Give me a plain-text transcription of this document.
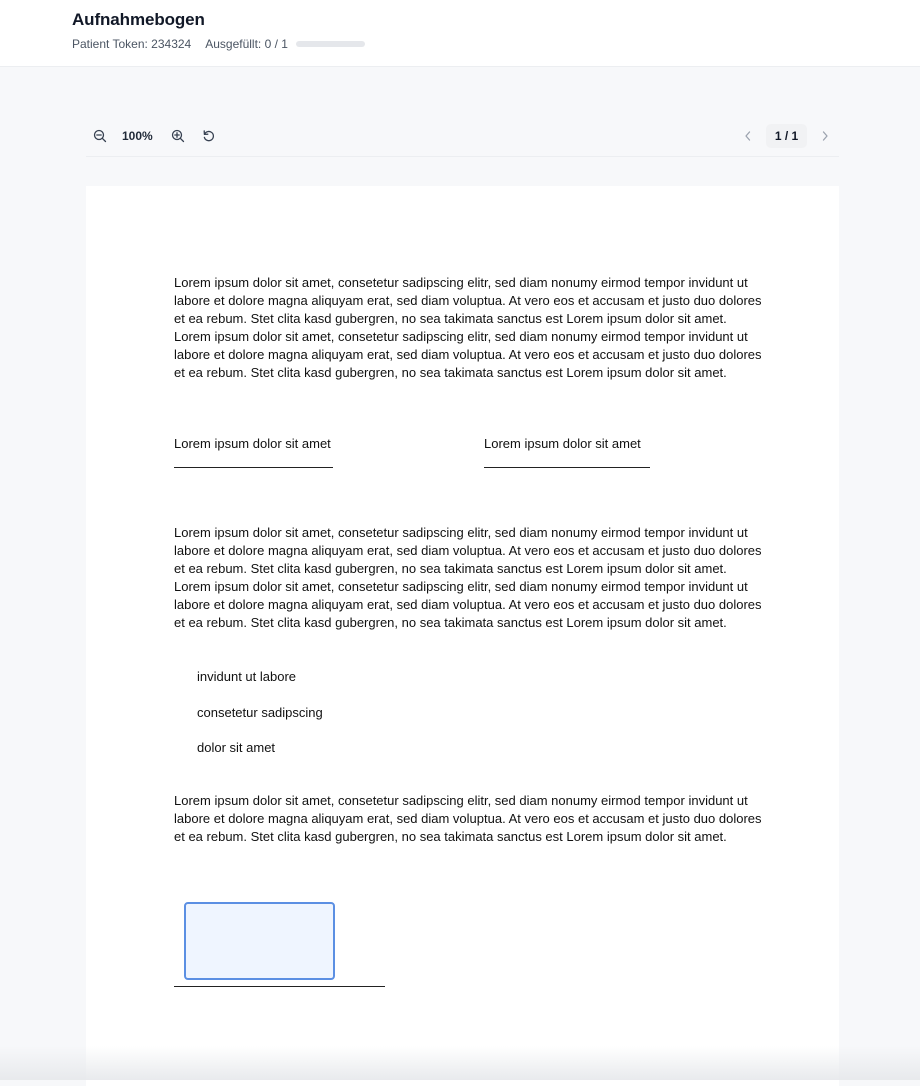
Aufnahmebogen
Patient Token: 234324 Ausgefüllt: 0 / 1
100%	1 / 1

Lorem ipsum dolor sit amet, consetetur sadipscing elitr, sed diam nonumy eirmod tempor invidunt ut labore et dolore magna aliquyam erat, sed diam voluptua. At vero eos et accusam et justo duo dolores et ea rebum. Stet clita kasd gubergren, no sea takimata sanctus est Lorem ipsum dolor sit amet. Lorem ipsum dolor sit amet, consetetur sadipscing elitr, sed diam nonumy eirmod tempor invidunt ut labore et dolore magna aliquyam erat, sed diam voluptua. At vero eos et accusam et justo duo dolores et ea rebum. Stet clita kasd gubergren, no sea takimata sanctus est Lorem ipsum dolor sit amet.

Lorem ipsum dolor sit amet	Lorem ipsum dolor sit amet

Lorem ipsum dolor sit amet, consetetur sadipscing elitr, sed diam nonumy eirmod tempor invidunt ut labore et dolore magna aliquyam erat, sed diam voluptua. At vero eos et accusam et justo duo dolores et ea rebum. Stet clita kasd gubergren, no sea takimata sanctus est Lorem ipsum dolor sit amet. Lorem ipsum dolor sit amet, consetetur sadipscing elitr, sed diam nonumy eirmod tempor invidunt ut labore et dolore magna aliquyam erat, sed diam voluptua. At vero eos et accusam et justo duo dolores et ea rebum. Stet clita kasd gubergren, no sea takimata sanctus est Lorem ipsum dolor sit amet.

invidunt ut labore
consetetur sadipscing
dolor sit amet

Lorem ipsum dolor sit amet, consetetur sadipscing elitr, sed diam nonumy eirmod tempor invidunt ut labore et dolore magna aliquyam erat, sed diam voluptua. At vero eos et accusam et justo duo dolores et ea rebum. Stet clita kasd gubergren, no sea takimata sanctus est Lorem ipsum dolor sit amet.
